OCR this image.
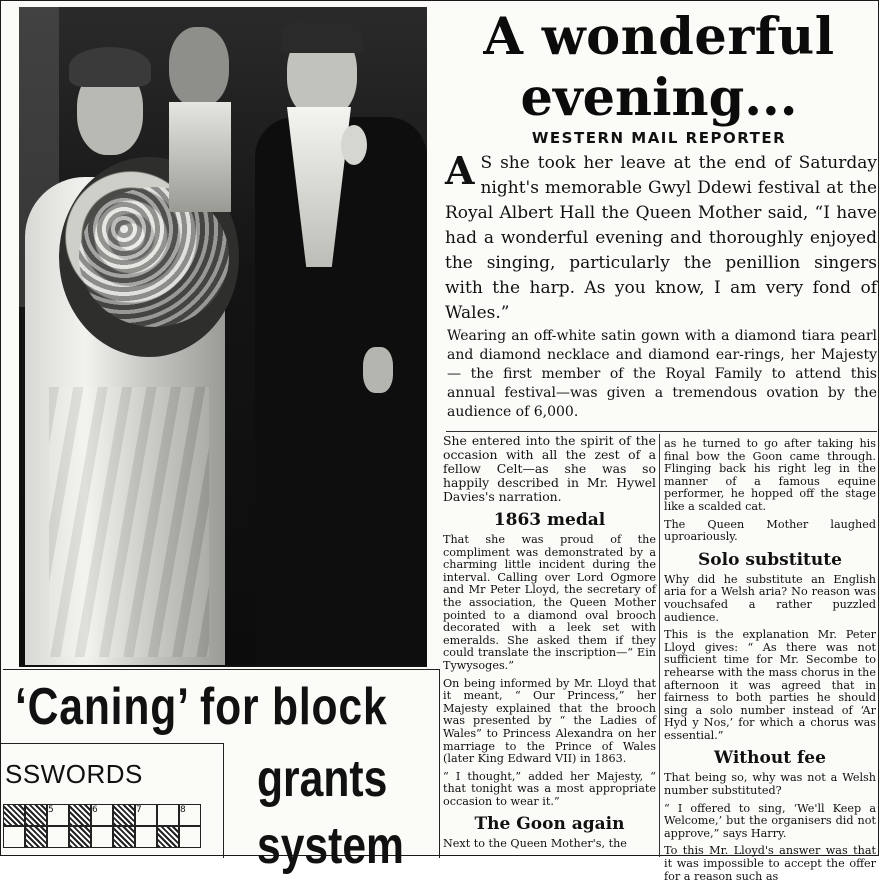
A wonderful
evening...
WESTERN MAIL REPORTER
A S she took her leave at the end of Saturday night's memorable Gwyl Ddewi festival at the Royal Albert Hall the Queen Mother said, “I have had a wonderful evening and thoroughly enjoyed the singing, particularly the penillion singers with the harp. As you know, I am very fond of Wales.”
Wearing an off-white satin gown with a diamond tiara pearl and diamond necklace and diamond ear-rings, her Majesty — the first member of the Royal Family to attend this annual festival—was given a tremendous ovation by the audience of 6,000.

She entered into the spirit of the occasion with all the zest of a fellow Celt—as she was so happily described in Mr. Hywel Davies's narration.

1863 medal

That she was proud of the compliment was demonstrated by a charming little incident during the interval. Calling over Lord Ogmore and Mr Peter Lloyd, the secretary of the association, the Queen Mother pointed to a diamond oval brooch decorated with a leek set with emeralds. She asked them if they could translate the inscription—“ Ein Tywysoges.”

On being informed by Mr. Lloyd that it meant, “ Our Princess,” her Majesty explained that the brooch was presented by “ the Ladies of Wales” to Princess Alexandra on her marriage to the Prince of Wales (later King Edward VII) in 1863.

“ I thought,” added her Majesty, “ that tonight was a most appropriate occasion to wear it.”

The Goon again

Next to the Queen Mother's, the

as he turned to go after taking his final bow the Goon came through. Flinging back his right leg in the manner of a famous equine performer, he hopped off the stage like a scalded cat.

The Queen Mother laughed uproariously.

Solo substitute

Why did he substitute an English aria for a Welsh aria? No reason was vouchsafed a rather puzzled audience.

This is the explanation Mr. Peter Lloyd gives: “ As there was not sufficient time for Mr. Secombe to rehearse with the mass chorus in the afternoon it was agreed that in fairness to both parties he should sing a solo number instead of ‘Ar Hyd y Nos,’ for which a chorus was essential.”

Without fee

That being so, why was not a Welsh number substituted?

“ I offered to sing, ‘We'll Keep a Welcome,’ but the organisers did not approve,” says Harry.

To this Mr. Lloyd's answer was that it was impossible to accept the offer for a reason such as

‘Caning’ for block
grants
system
SSWORDS
5	6	7	8
